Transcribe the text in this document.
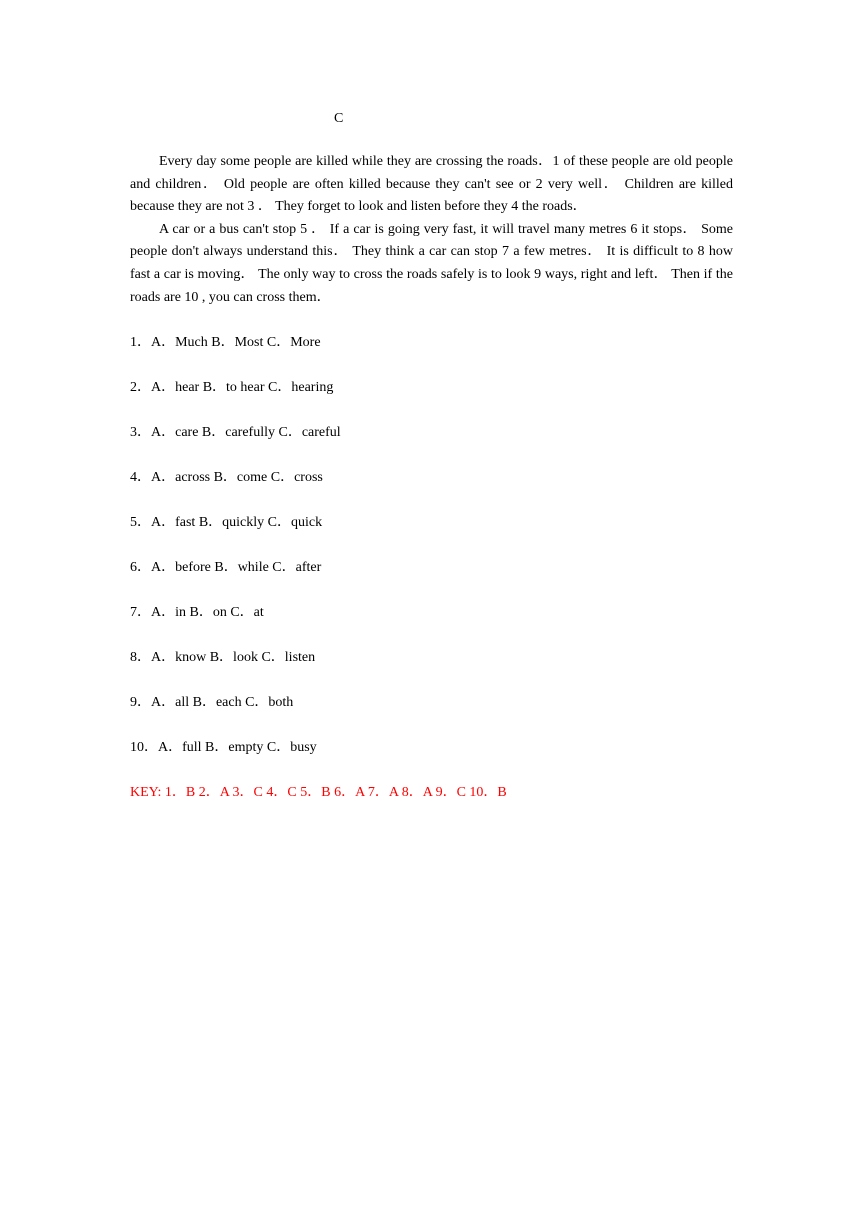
C

Every day some people are killed while they are crossing the roads．1 of these people are old people and children． Old people are often killed because they can't see or 2 very well． Children are killed because they are not 3 ． They forget to look and listen before they 4 the roads．

A car or a bus can't stop 5 ． If a car is going very fast, it will travel many metres 6 it stops． Some people don't always understand this． They think a car can stop 7 a few metres． It is difficult to 8 how fast a car is moving． The only way to cross the roads safely is to look 9 ways, right and left． Then if the roads are 10 , you can cross them．

1．A．Much B．Most C．More
2．A．hear B．to hear C．hearing
3．A．care B．carefully C．careful
4．A．across B．come C．cross
5．A．fast B．quickly C．quick
6．A．before B．while C．after
7．A．in B．on C．at
8．A．know B．look C．listen
9．A．all B．each C．both
10．A．full B．empty C．busy
KEY: 1．B 2．A 3．C 4．C 5．B 6．A 7．A 8．A 9．C 10．B
